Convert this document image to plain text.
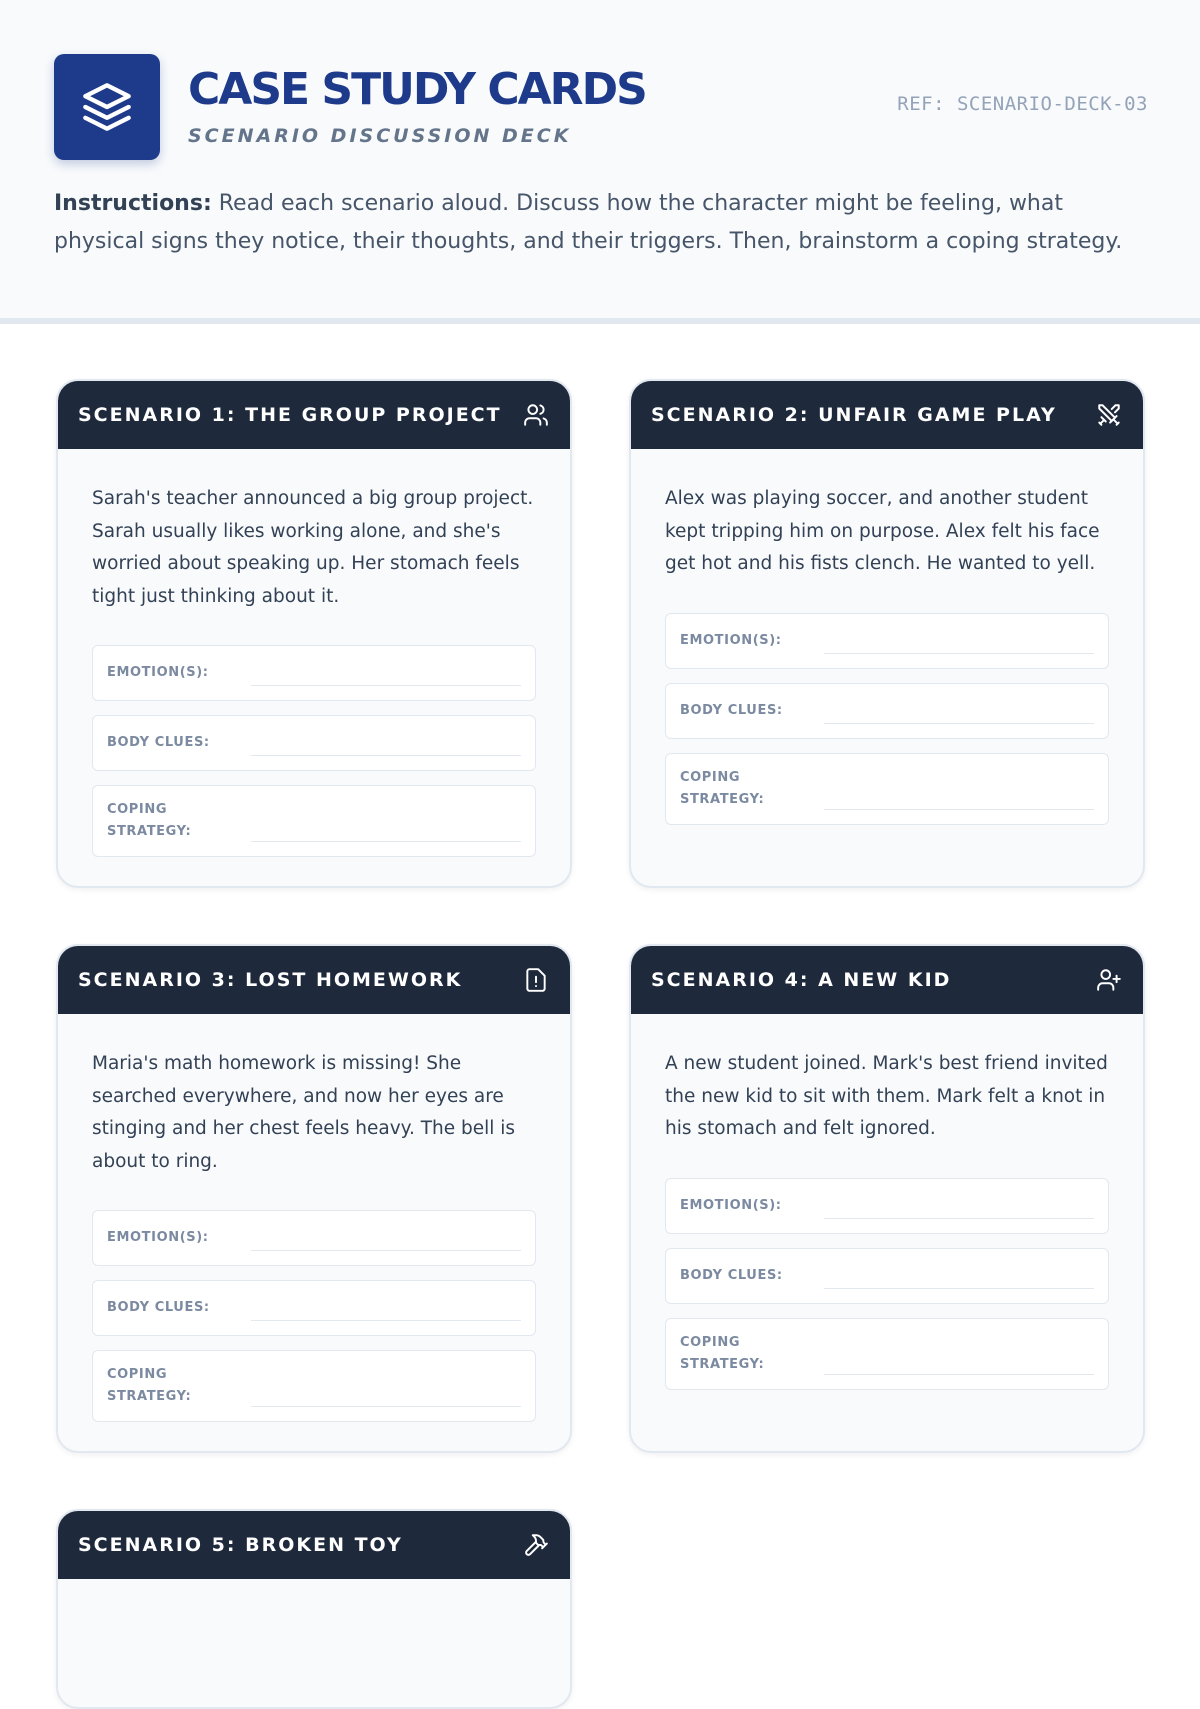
CASE STUDY CARDS
SCENARIO DISCUSSION DECK
REF: SCENARIO-DECK-03
Instructions: Read each scenario aloud. Discuss how the character might be feeling, what physical signs they notice, their thoughts, and their triggers. Then, brainstorm a coping strategy.
SCENARIO 1: THE GROUP PROJECT

Sarah's teacher announced a big group project. Sarah usually likes working alone, and she's worried about speaking up. Her stomach feels tight just thinking about it.

EMOTION(S):
BODY CLUES:
COPING STRATEGY:
SCENARIO 2: UNFAIR GAME PLAY

Alex was playing soccer, and another student kept tripping him on purpose. Alex felt his face get hot and his fists clench. He wanted to yell.

EMOTION(S):
BODY CLUES:
COPING STRATEGY:
SCENARIO 3: LOST HOMEWORK

Maria's math homework is missing! She searched everywhere, and now her eyes are stinging and her chest feels heavy. The bell is about to ring.

EMOTION(S):
BODY CLUES:
COPING STRATEGY:
SCENARIO 4: A NEW KID

A new student joined. Mark's best friend invited the new kid to sit with them. Mark felt a knot in his stomach and felt ignored.

EMOTION(S):
BODY CLUES:
COPING STRATEGY:
SCENARIO 5: BROKEN TOY
